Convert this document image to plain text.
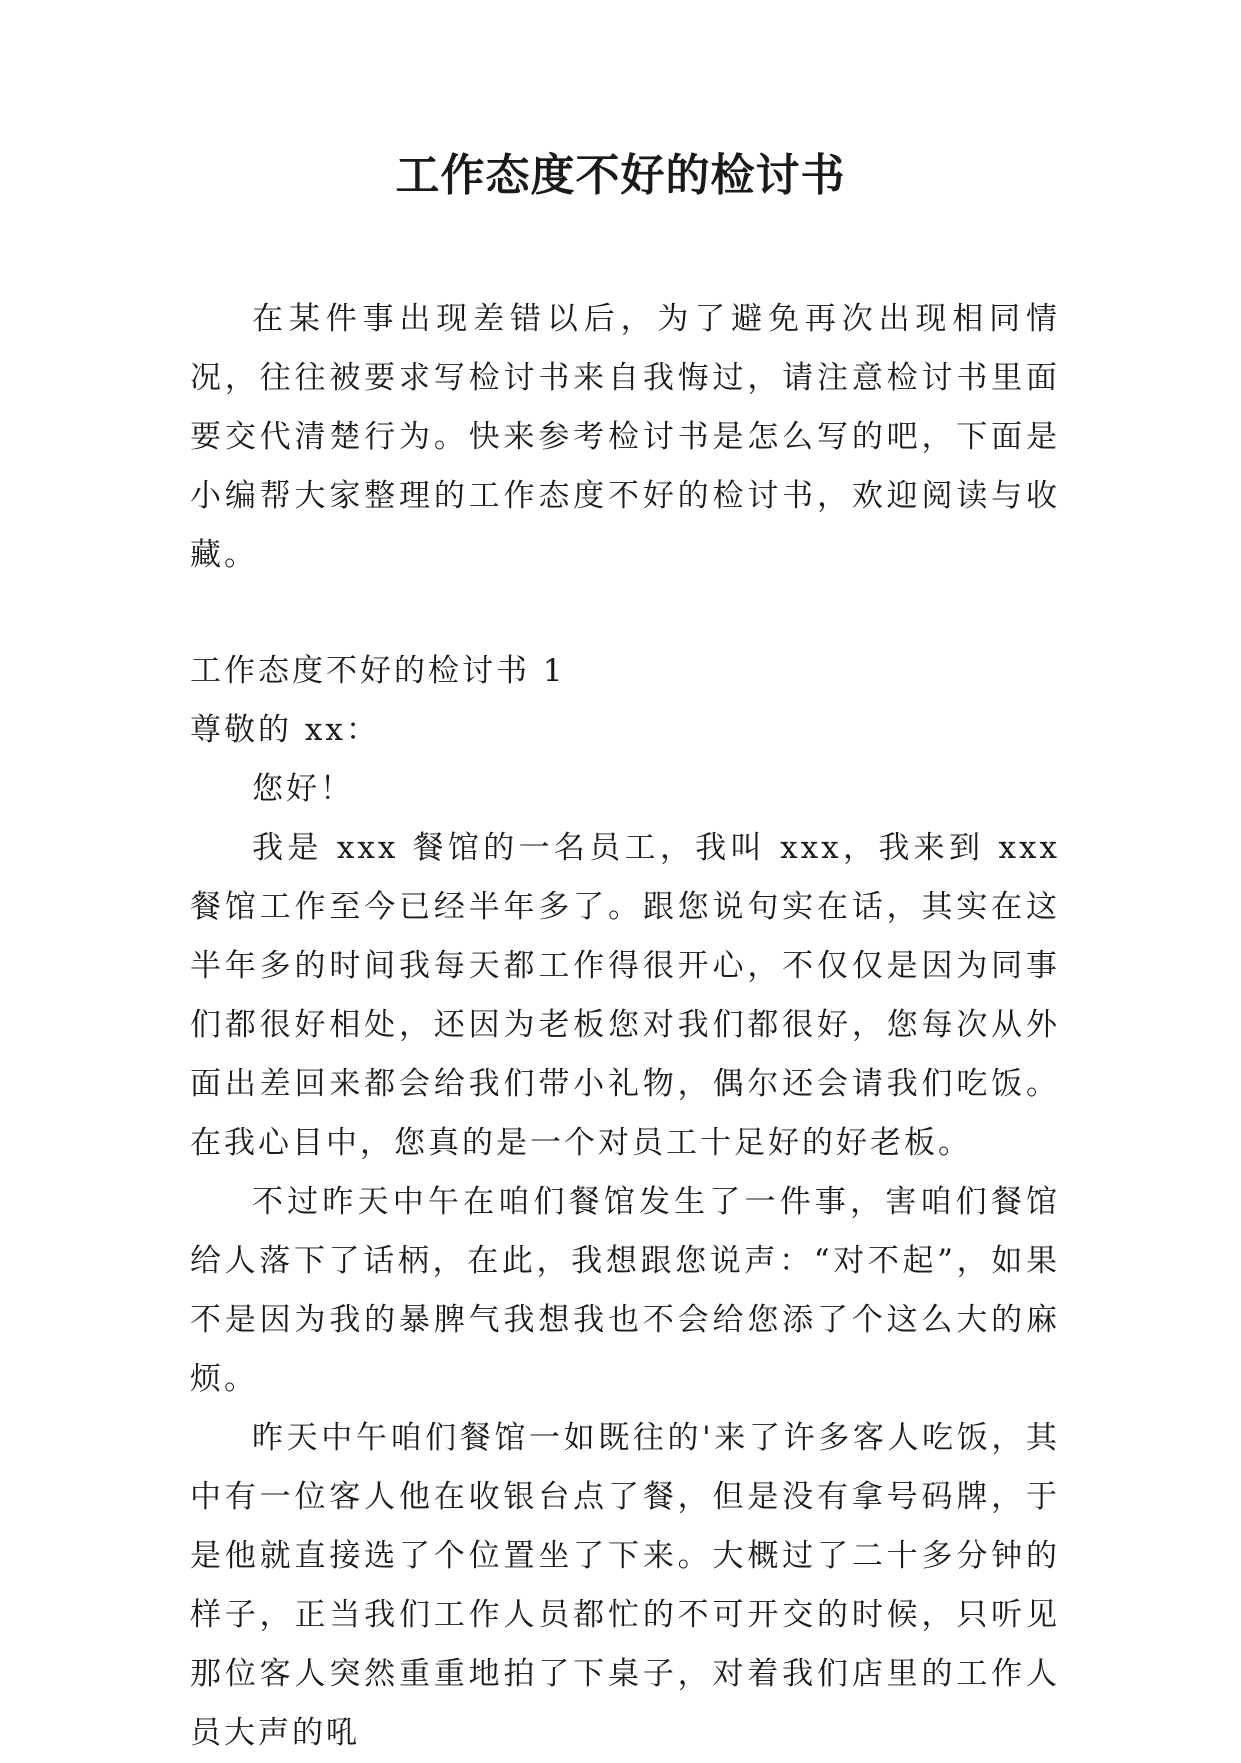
工作态度不好的检讨书

在某件事出现差错以后，为了避免再次出现相同情况，往往被要求写检讨书来自我悔过，请注意检讨书里面要交代清楚行为。快来参考检讨书是怎么写的吧，下面是小编帮大家整理的工作态度不好的检讨书，欢迎阅读与收藏。

工作态度不好的检讨书 1

尊敬的 xx：

您好！

我是 xxx 餐馆的一名员工，我叫 xxx，我来到 xxx 餐馆工作至今已经半年多了。跟您说句实在话，其实在这半年多的时间我每天都工作得很开心，不仅仅是因为同事们都很好相处，还因为老板您对我们都很好，您每次从外面出差回来都会给我们带小礼物，偶尔还会请我们吃饭。在我心目中，您真的是一个对员工十足好的好老板。

不过昨天中午在咱们餐馆发生了一件事，害咱们餐馆给人落下了话柄，在此，我想跟您说声：“对不起”，如果不是因为我的暴脾气我想我也不会给您添了个这么大的麻烦。

昨天中午咱们餐馆一如既往的'来了许多客人吃饭，其中有一位客人他在收银台点了餐，但是没有拿号码牌，于是他就直接选了个位置坐了下来。大概过了二十多分钟的样子，正当我们工作人员都忙的不可开交的时候，只听见那位客人突然重重地拍了下桌子，对着我们店里的工作人员大声的吼
